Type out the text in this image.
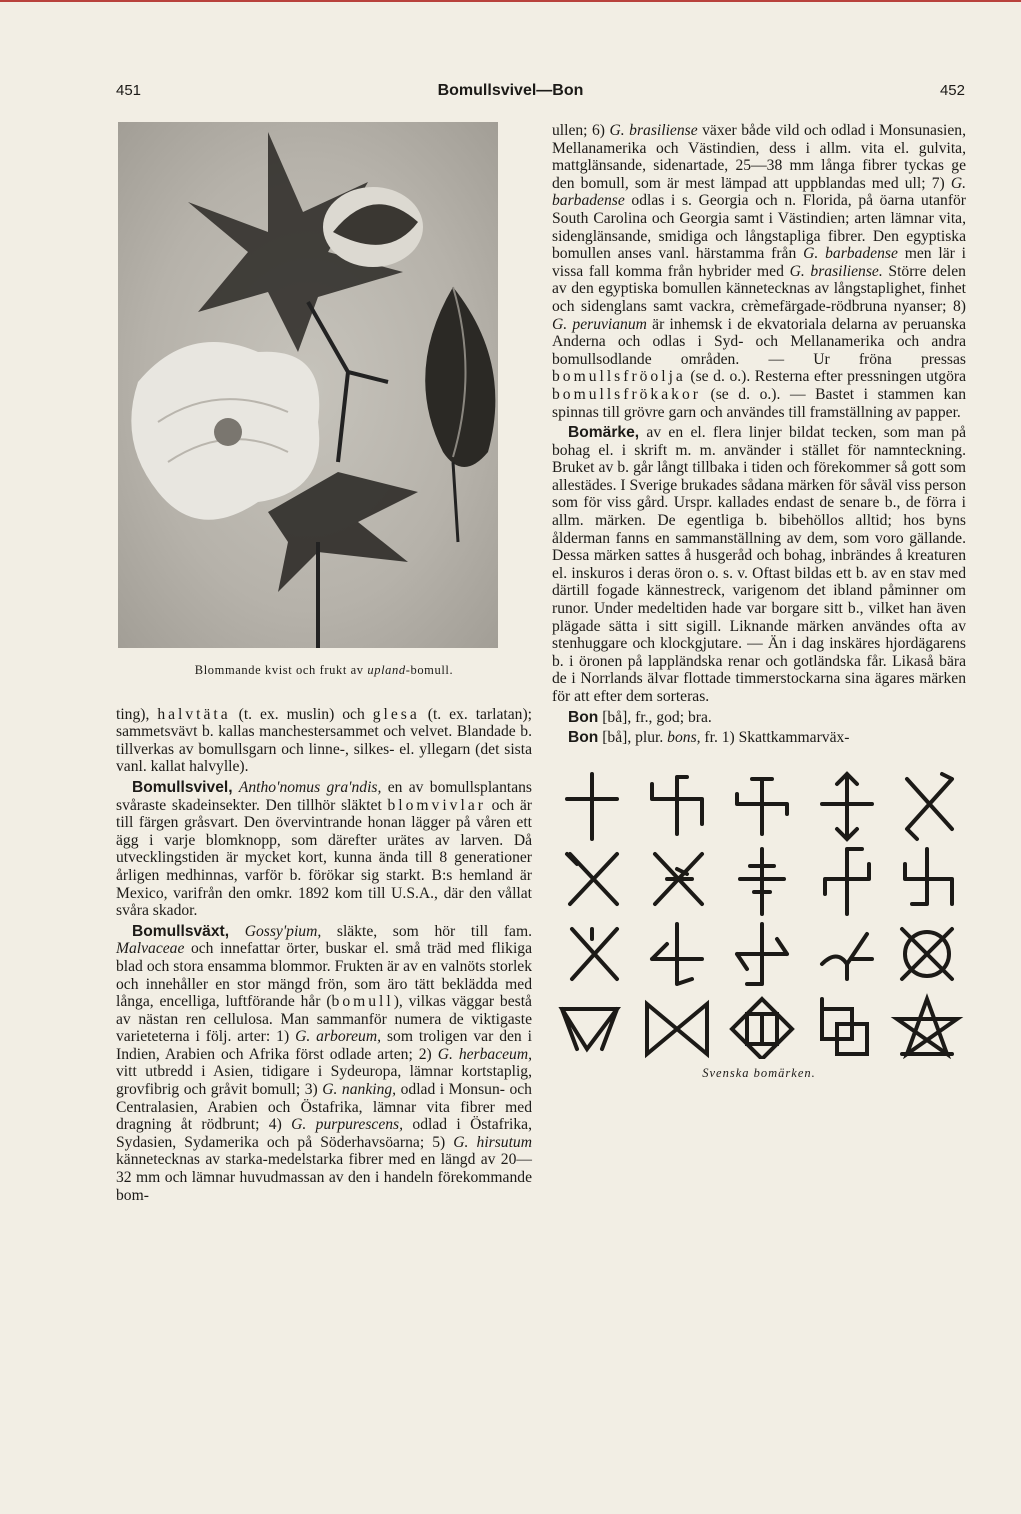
451	Bomullsvivel—Bon	452
Blommande kvist och frukt av upland-bomull.

ting), halvtäta (t. ex. muslin) och glesa (t. ex. tarlatan); sammetsvävt b. kallas manchestersammet och velvet. Blandade b. tillverkas av bomullsgarn och linne-, silkes- el. yllegarn (det sista vanl. kallat halvylle).

Bomullsvivel, Antho'nomus gra'ndis, en av bomullsplantans svåraste skadeinsekter. Den tillhör släktet blomvivlar och är till färgen gråsvart. Den övervintrande honan lägger på våren ett ägg i varje blomknopp, som därefter urätes av larven. Då utvecklingstiden är mycket kort, kunna ända till 8 generationer årligen medhinnas, varför b. förökar sig starkt. B:s hemland är Mexico, varifrån den omkr. 1892 kom till U.S.A., där den vållat svåra skador.

Bomullsväxt, Gossy'pium, släkte, som hör till fam. Malvaceae och innefattar örter, buskar el. små träd med flikiga blad och stora ensamma blommor. Frukten är av en valnöts storlek och innehåller en stor mängd frön, som äro tätt beklädda med långa, encelliga, luftförande hår (bomull), vilkas väggar bestå av nästan ren cellulosa. Man sammanför numera de viktigaste varieteterna i följ. arter: 1) G. arboreum, som troligen var den i Indien, Arabien och Afrika först odlade arten; 2) G. herbaceum, vitt utbredd i Asien, tidigare i Sydeuropa, lämnar kortstaplig, grovfibrig och gråvit bomull; 3) G. nanking, odlad i Monsun- och Centralasien, Arabien och Östafrika, lämnar vita fibrer med dragning åt rödbrunt; 4) G. purpurescens, odlad i Östafrika, Sydasien, Sydamerika och på Söderhavsöarna; 5) G. hirsutum kännetecknas av starka-medelstarka fibrer med en längd av 20—32 mm och lämnar huvudmassan av den i handeln förekommande bom-

ullen; 6) G. brasiliense växer både vild och odlad i Monsunasien, Mellanamerika och Västindien, dess i allm. vita el. gulvita, mattglänsande, sidenartade, 25—38 mm långa fibrer tyckas ge den bomull, som är mest lämpad att uppblandas med ull; 7) G. barbadense odlas i s. Georgia och n. Florida, på öarna utanför South Carolina och Georgia samt i Västindien; arten lämnar vita, sidenglänsande, smidiga och långstapliga fibrer. Den egyptiska bomullen anses vanl. härstamma från G. barbadense men lär i vissa fall komma från hybrider med G. brasiliense. Större delen av den egyptiska bomullen kännetecknas av långstaplighet, finhet och sidenglans samt vackra, crèmefärgade-rödbruna nyanser; 8) G. peruvianum är inhemsk i de ekvatoriala delarna av peruanska Anderna och odlas i Syd- och Mellanamerika och andra bomullsodlande områden. — Ur fröna pressas bomullsfröolja (se d. o.). Resterna efter pressningen utgöra bomullsfrökakor (se d. o.). — Bastet i stammen kan spinnas till grövre garn och användes till framställning av papper.

Bomärke, av en el. flera linjer bildat tecken, som man på bohag el. i skrift m. m. använder i stället för namnteckning. Bruket av b. går långt tillbaka i tiden och förekommer så gott som allestädes. I Sverige brukades sådana märken för såväl viss person som för viss gård. Urspr. kallades endast de senare b., de förra i allm. märken. De egentliga b. bibehöllos alltid; hos byns ålderman fanns en sammanställning av dem, som voro gällande. Dessa märken sattes å husgeråd och bohag, inbrändes å kreaturen el. inskuros i deras öron o. s. v. Oftast bildas ett b. av en stav med därtill fogade kännestreck, varigenom det ibland påminner om runor. Under medeltiden hade var borgare sitt b., vilket han även plägade sätta i sitt sigill. Liknande märken användes ofta av stenhuggare och klockgjutare. — Än i dag inskäres hjordägarens b. i öronen på lappländska renar och gotländska får. Likaså bära de i Norrlands älvar flottade timmerstockarna sina ägares märken för att efter dem sorteras.

Bon [bå], fr., god; bra.

Bon [bå], plur. bons, fr. 1) Skattkammarväx-

Svenska bomärken.
